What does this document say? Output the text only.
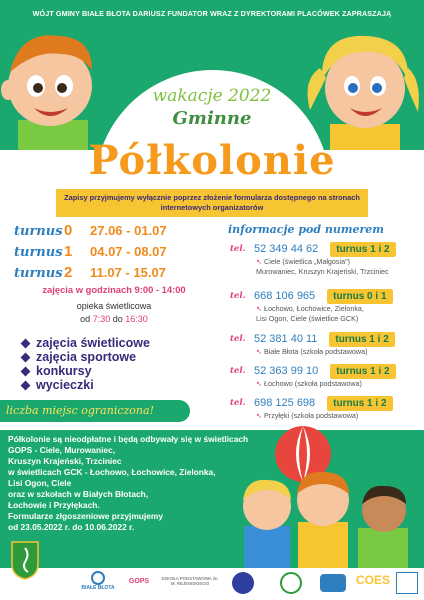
WÓJT GMINY BIAŁE BŁOTA DARIUSZ FUNDATOR WRAZ Z DYREKTORAMI PLACÓWEK ZAPRASZAJĄ
wakacje 2022
Gminne
Półkolonie
Zapisy przyjmujemy wyłącznie poprzez złożenie formularza dostępnego na stronach internetowych organizatorów
turnus 0	27.06 - 01.07
turnus 1	04.07 - 08.07
turnus 2	11.07 - 15.07
zajęcia w godzinach 9:00 - 14:00
opieka świetlicowa
od 7:30 do 16:30
zajęcia świetlicowe
zajęcia sportowe
konkursy
wycieczki
liczba miejsc ograniczona!
informacje pod numerem
tel. 52 349 44 62	turnus 1 i 2
↖ Ciele (świetlica „Małgosia")
Murowaniec, Kruszyn Krajeński, Trzciniec
tel. 668 106 965	turnus 0 i 1
↖ Łochowo, Łochowice, Zielonka,
Lisi Ogon, Ciele (świetlice GCK)
tel. 52 381 40 11	turnus 1 i 2
↖ Białe Błota (szkoła podstawowa)
tel. 52 363 99 10	turnus 1 i 2
↖ Łochowo (szkoła podstawowa)
tel. 698 125 698	turnus 1 i 2
↖ Przyłęki (szkoła podstawowa)
Półkolonie są nieodpłatne i będą odbywały się w świetlicach
GOPS - Ciele, Murowaniec,
Kruszyn Krajeński, Trzciniec
w świetlicach GCK - Łochowo, Łochowice, Zielonka,
Lisi Ogon, Ciele
oraz w szkołach w Białych Błotach,
Łochowie i Przyłękach.
Formularze złgoszeniowe przyjmujemy
od 23.05.2022 r. do 10.06.2022 r.
BIAŁE BŁOTA
GOPS	SZKOŁA PODSTAWOWA im. M. REJEWSKIEGO	COES
